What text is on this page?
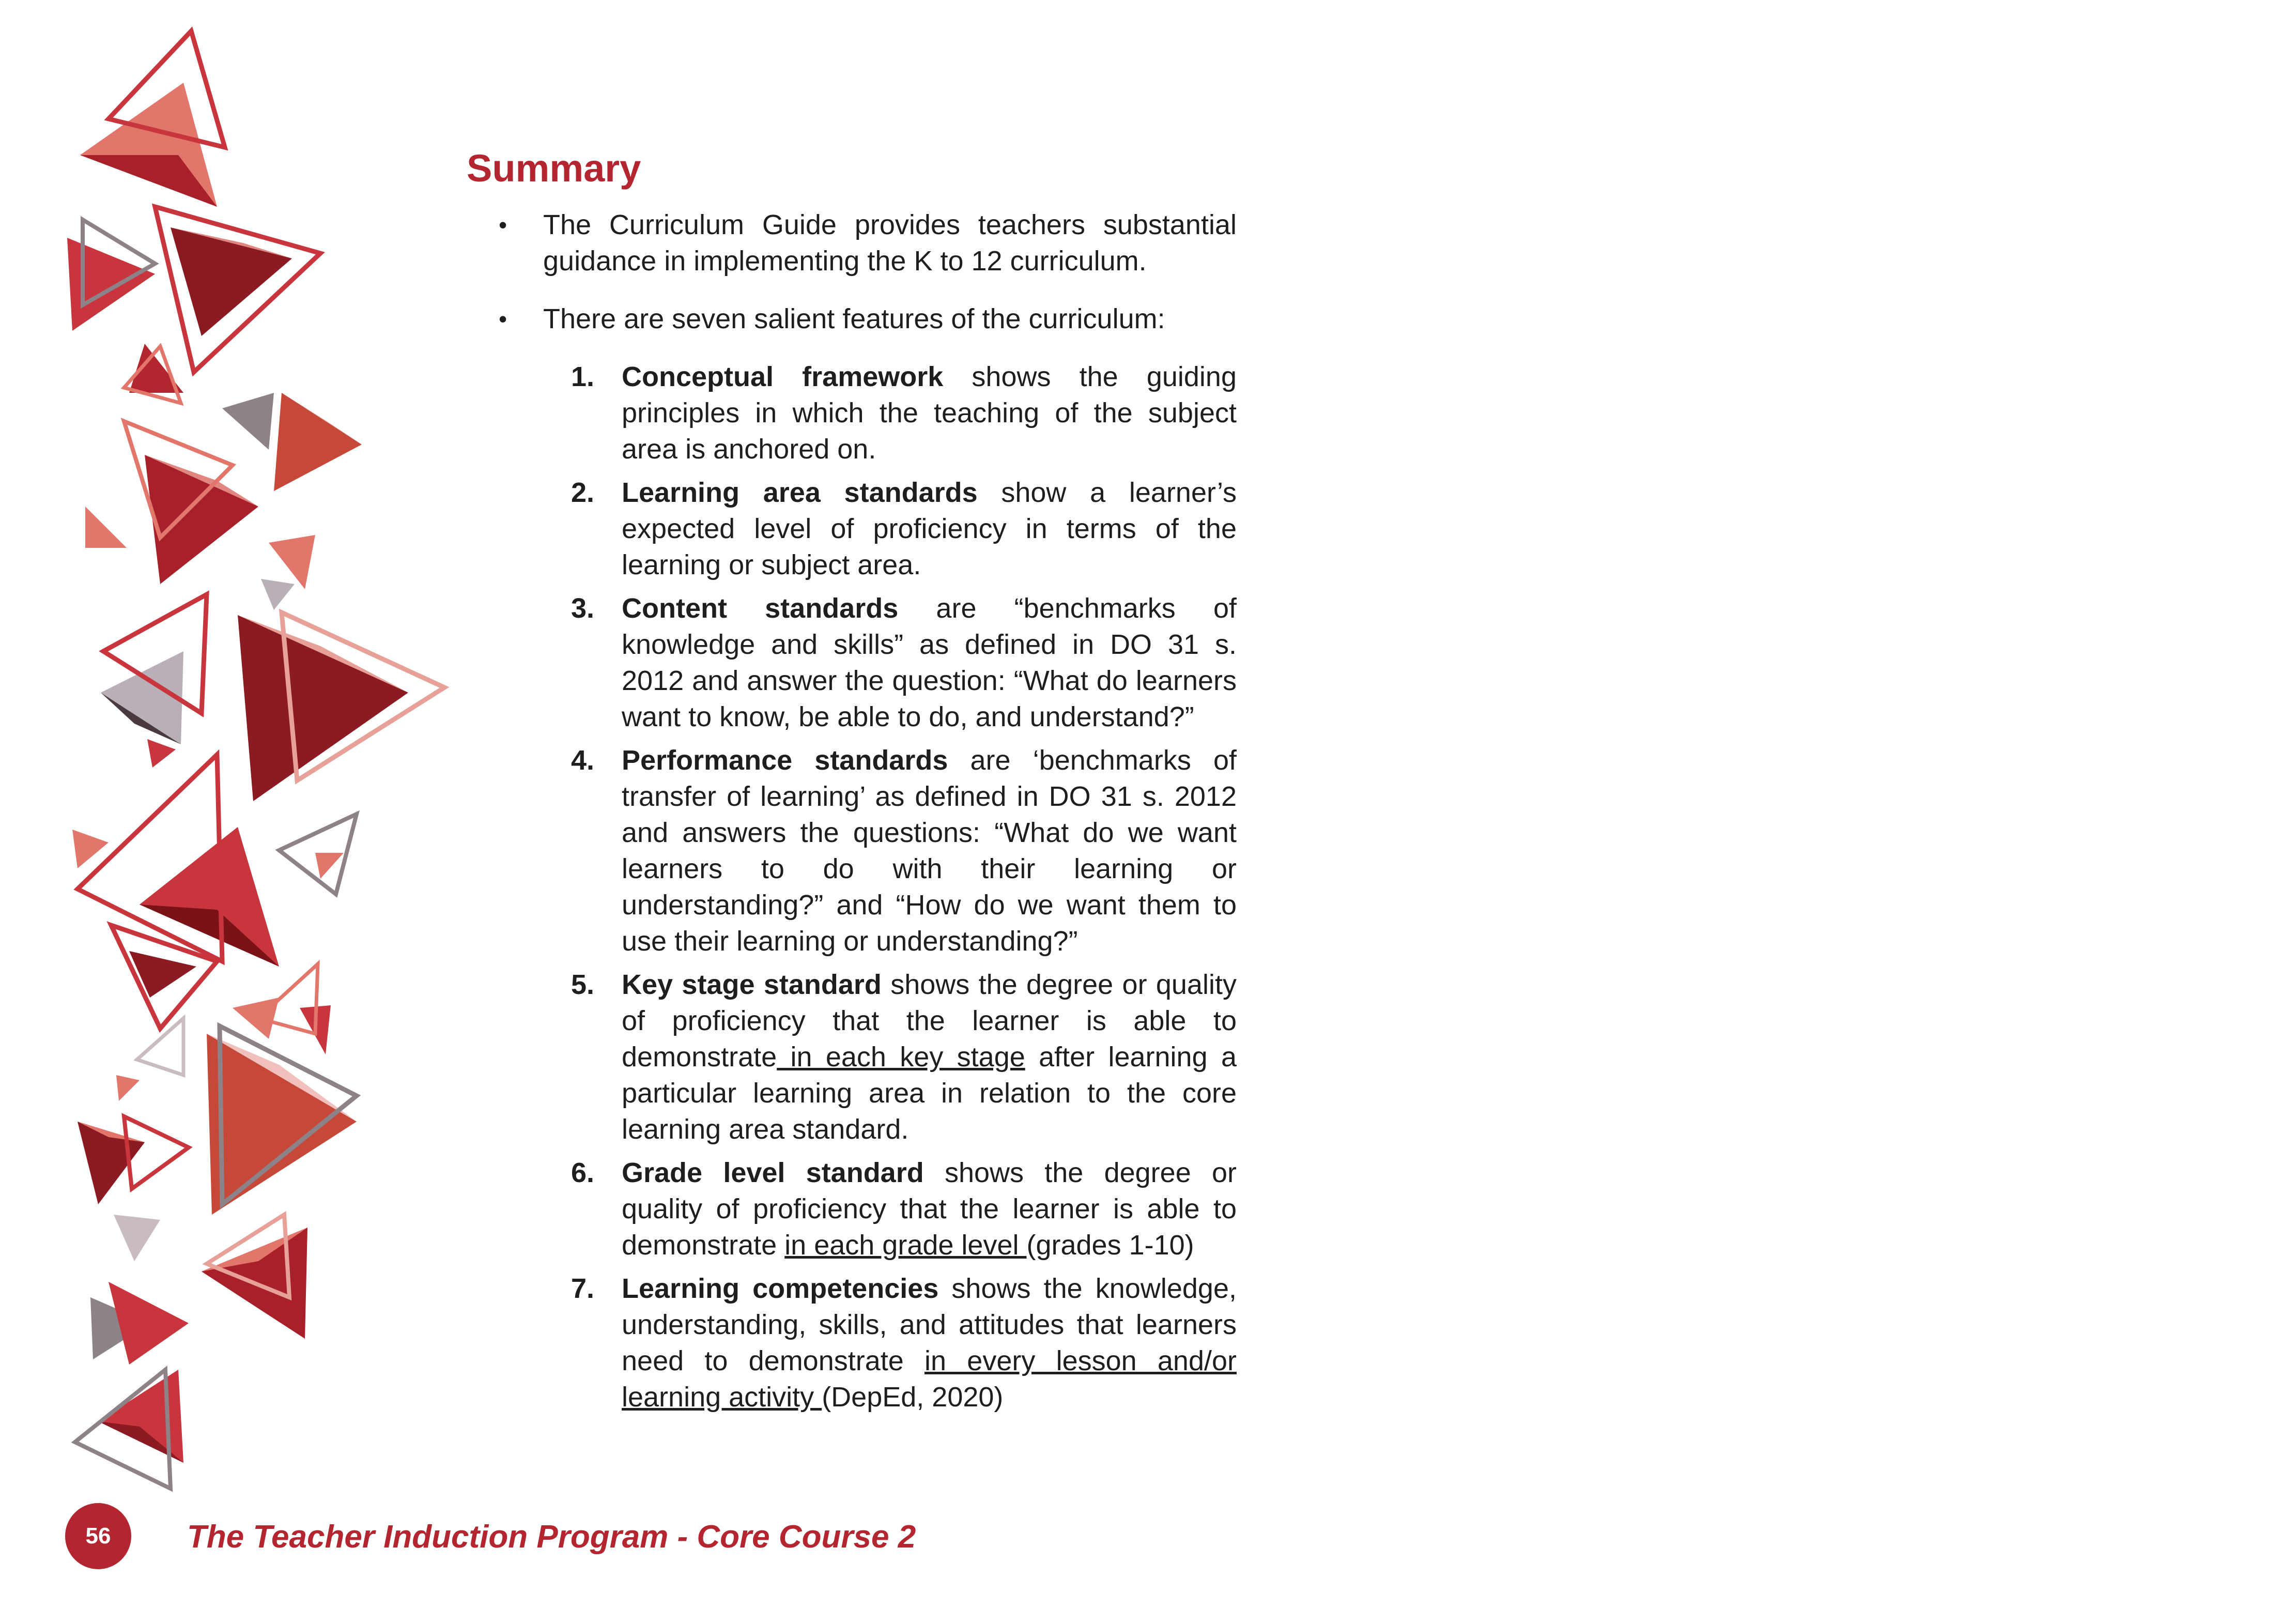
Summary
•	The Curriculum Guide provides teachers substantial guidance in implementing the K to 12 curriculum.
•	There are seven salient features of the curriculum:
1. Conceptual framework shows the guiding principles in which the teaching of the subject area is anchored on.
2. Learning area standards show a learner’s expected level of proficiency in terms of the learning or subject area.
3. Content standards are “benchmarks of knowledge and skills” as defined in DO 31 s. 2012 and answer the question: “What do learners want to know, be able to do, and understand?”
4. Performance standards are ‘benchmarks of transfer of learning’ as defined in DO 31 s. 2012 and answers the questions: “What do we want learners to do with their learning or understanding?” and “How do we want them to use their learning or understanding?”
5. Key stage standard shows the degree or quality of proficiency that the learner is able to demonstrate in each key stage after learning a particular learning area in relation to the core learning area standard.
6. Grade level standard shows the degree or quality of proficiency that the learner is able to demonstrate in each grade level (grades 1-10)
7. Learning competencies shows the knowledge, understanding, skills, and attitudes that learners need to demonstrate in every lesson and/or learning activity (DepEd, 2020)
56 The Teacher Induction Program - Core Course 2
